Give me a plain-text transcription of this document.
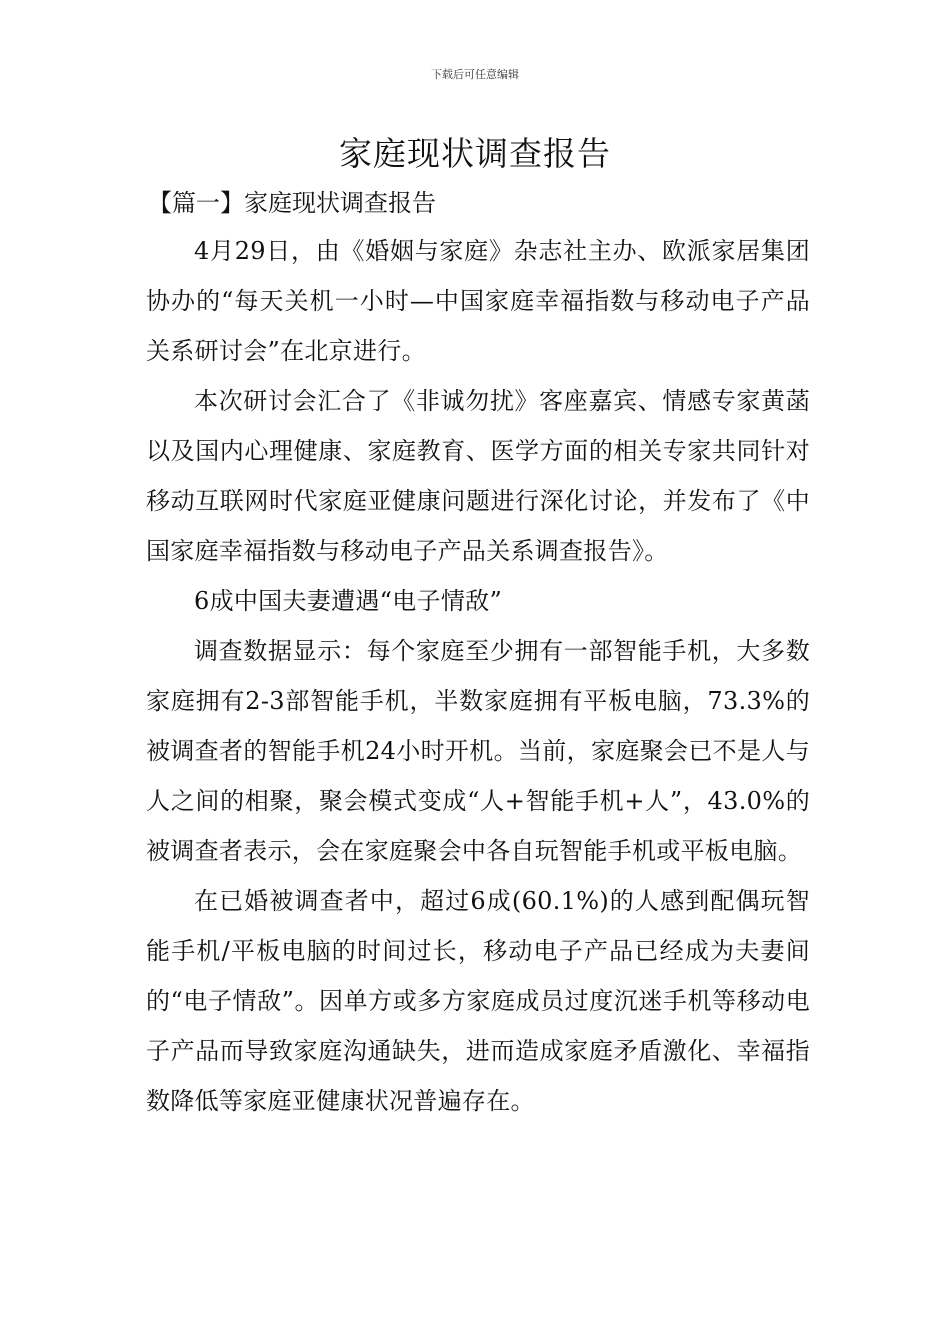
下载后可任意编辑
家庭现状调查报告
【篇一】家庭现状调查报告

4月29日，由《婚姻与家庭》杂志社主办、欧派家居集团协办的“每天关机一小时—中国家庭幸福指数与移动电子产品关系研讨会”在北京进行。

本次研讨会汇合了《非诚勿扰》客座嘉宾、情感专家黄菡以及国内心理健康、家庭教育、医学方面的相关专家共同针对移动互联网时代家庭亚健康问题进行深化讨论，并发布了《中国家庭幸福指数与移动电子产品关系调查报告》。

6成中国夫妻遭遇“电子情敌”

调查数据显示：每个家庭至少拥有一部智能手机，大多数家庭拥有2-3部智能手机，半数家庭拥有平板电脑，73.3%的被调查者的智能手机24小时开机。当前，家庭聚会已不是人与人之间的相聚，聚会模式变成“人+智能手机+人”，43.0%的被调查者表示，会在家庭聚会中各自玩智能手机或平板电脑。

在已婚被调查者中，超过6成(60.1%)的人感到配偶玩智能手机/平板电脑的时间过长，移动电子产品已经成为夫妻间的“电子情敌”。因单方或多方家庭成员过度沉迷手机等移动电子产品而导致家庭沟通缺失，进而造成家庭矛盾激化、幸福指数降低等家庭亚健康状况普遍存在。
